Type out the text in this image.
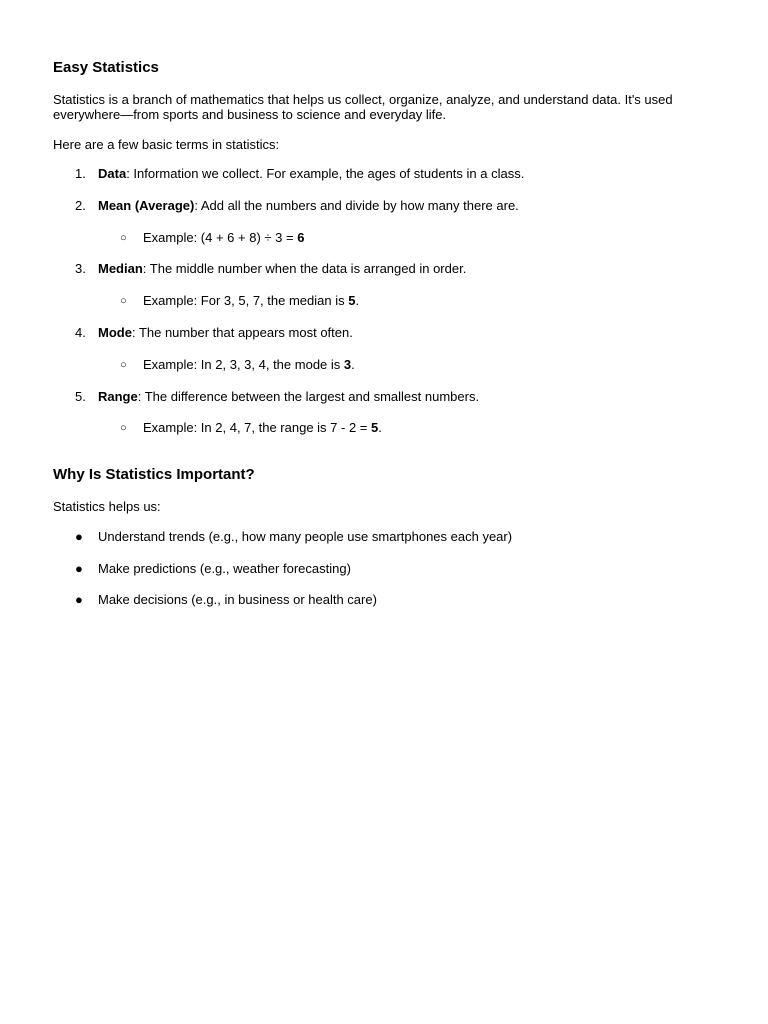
Easy Statistics
Statistics is a branch of mathematics that helps us collect, organize, analyze, and understand data. It's used everywhere—from sports and business to science and everyday life.
Here are a few basic terms in statistics:
1. Data: Information we collect. For example, the ages of students in a class.
2. Mean (Average): Add all the numbers and divide by how many there are.
○ Example: (4 + 6 + 8) ÷ 3 = 6
3. Median: The middle number when the data is arranged in order.
○ Example: For 3, 5, 7, the median is 5.
4. Mode: The number that appears most often.
○ Example: In 2, 3, 3, 4, the mode is 3.
5. Range: The difference between the largest and smallest numbers.
○ Example: In 2, 4, 7, the range is 7 - 2 = 5.
Why Is Statistics Important?
Statistics helps us:
● Understand trends (e.g., how many people use smartphones each year)
● Make predictions (e.g., weather forecasting)
● Make decisions (e.g., in business or health care)
